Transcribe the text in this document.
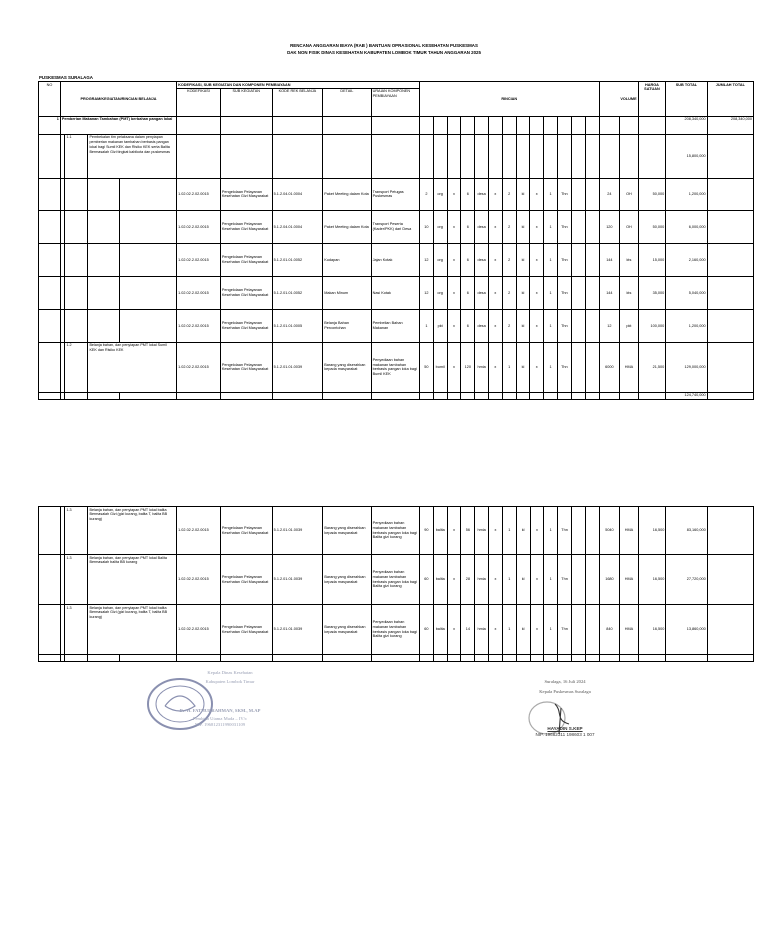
RENCANA ANGGARAN BIAYA (RAB ) BANTUAN OPRASIONAL KESEHATAN PUSKESMAS
DAK NON FISIK DINAS KESEHATAN KABUPATEN LOMBOK TIMUR TAHUN ANGGARAN 2025
PUSKESMAS SURALAGA
NO	PROGRAM/KEGIATAN/RINCIAN BELANJA				KODEFIKASI, SUB KEGIATAN DAN KOMPONEN PEMBIAYAAN					RINCIAN													VOLUME		HARGA SATUAN	SUB TOTAL	JUMLAH TOTAL
					KODEFIKASI	SUB KEGIATAN	KODE REK BELANJA	DETAIL	URAIAN KOMPONEN PEMBIAYAAN																		
1	Pemberian Makanan Tambahan (PMT) berbahan pangan lokal																									208,340,000	208,340,000
		1.1	Pembekalan tim pelaksana dalam penyiapan pemberian makanan tambahan berbasis pangan lokal bagi Sumil KEK dan Risiko KEK serta Balita Bermasalah Gizi tingkat kabikota dan puskesmas																							15,800,000	
					1.02.02.2.02.0015	Pengelolaan Pelayanan Kesehatan Gizi Masyarakat	5.1.2.04.01.0004	Paket Meeting dalam Kota	Transport Petugas Puskesmas	2	org	x	6	desa	x	2	kl	x	1	Thn			24	OH	50,000	1,200,000	
					1.02.02.2.02.0015	Pengelolaan Pelayanan Kesehatan Gizi Masyarakat	5.1.2.04.01.0004	Paket Meeting dalam Kota	Transport Peserta (Kader/PKK) dari Desa	10	org	x	6	desa	x	2	kl	x	1	Thn			120	OH	50,000	6,000,000	
					1.02.02.2.02.0015	Pengelolaan Pelayanan Kesehatan Gizi Masyarakat	5.1.2.01.01.0052	Kudapan	Jajan Kotak	12	org	x	6	desa	x	2	kl	x	1	Thn			144	kts	15,000	2,160,000	
					1.02.02.2.02.0015	Pengelolaan Pelayanan Kesehatan Gizi Masyarakat	5.1.2.01.01.0052	Makan Minum	Nasi Kotak	12	org	x	6	desa	x	2	kl	x	1	Thn			144	kts	35,000	5,040,000	
					1.02.02.2.02.0015	Pengelolaan Pelayanan Kesehatan Gizi Masyarakat	5.1.2.01.01.0005	Belanja Bahan Percontohan	Pembelian Bahan Makanan	1	pkt	x	6	desa	x	2	kl	x	1	Thn			12	pkt	100,000	1,200,000	
		1.2	Belanja bahan, dan penyiapan PMT lokal Sumil KEK dan Risiko KEK		1.02.02.2.02.0015	Pengelolaan Pelayanan Kesehatan Gizi Masyarakat	5.1.2.01.01.0039	Barang yang diserahkan kepada masyarakat	Penyediaan bahan makanan tambahan berbasis pangan loka bagi Bumil KEK	50	bumil	x	120	hmia	x	1	kl	x	1	Thn			6000	HMA	21,500	129,000,000	
																										124,740,000	
		1.3	Belanja bahan, dan penyiapan PMT lokal balita Bermasalah Gizi (gizi kurang, balita T, balita BB kurang)		1.02.02.2.02.0015	Pengelolaan Pelayanan Kesehatan Gizi Masyarakat	5.1.2.01.01.0039	Barang yang diserahkan kepada masyarakat	Penyediaan bahan makanan tambahan berbasis pangan loka bagi Balita gizi kurang	90	balita	x	56	hmia	x	1	kl	x	1	Thn			5040	HMA	16,500	83,160,000	
		1.3	Belanja bahan, dan penyiapan PMT lokal Balita Bermasalah balita BB kurang		1.02.02.2.02.0015	Pengelolaan Pelayanan Kesehatan Gizi Masyarakat	5.1.2.01.01.0039	Barang yang diserahkan kepada masyarakat	Penyediaan bahan makanan tambahan berbasis pangan loka bagi Balita gizi kurang	60	balita	x	28	hmia	x	1	kl	x	1	Thn			1680	HMA	16,500	27,720,000	
		1.3	Belanja bahan, dan penyiapan PMT lokal balita Bermasalah Gizi (gizi kurang, balita T, balita BB kurang)		1.02.02.2.02.0015	Pengelolaan Pelayanan Kesehatan Gizi Masyarakat	5.1.2.01.01.0039	Barang yang diserahkan kepada masyarakat	Penyediaan bahan makanan tambahan berbasis pangan loka bagi Balita gizi kurang	60	balita	x	14	hmia	x	1	kl	x	1	Thn			840	HMA	16,500	13,860,000	

Kepala Dinas Kesehatan
Kabupaten Lombok Timur
Dr. H. FATHURRAHMAN, SKM., M.AP
Pembina Utama Muda – IV/c
NIP. 196812311990031109
Suralaga, 16 Juli 2024
Kepala Puskesmas Suralaga
HAYADIN S.KEP
NIP. 19682311 198603 1 007
